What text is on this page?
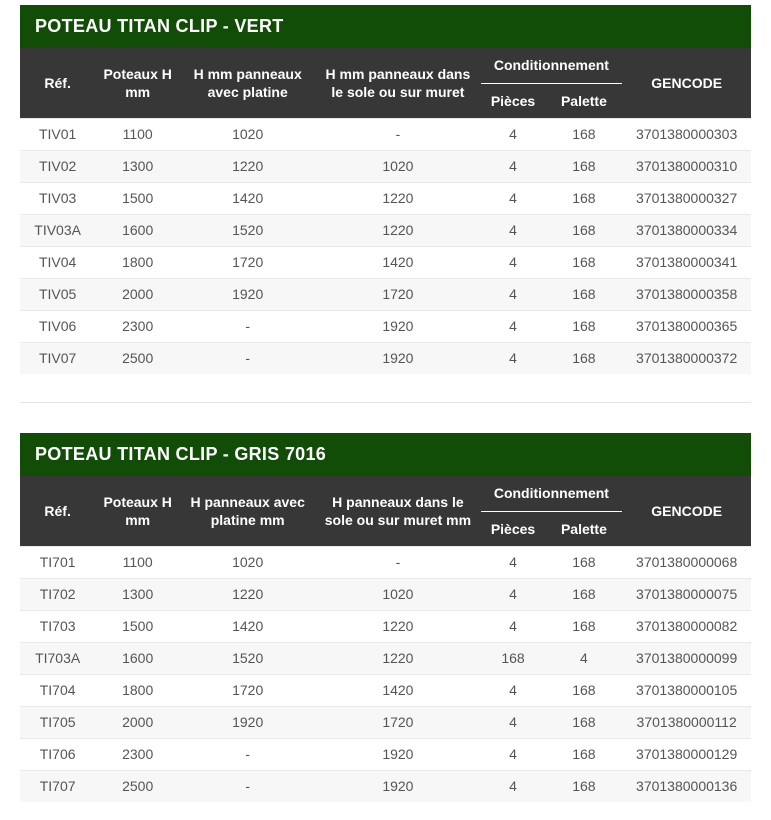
POTEAU TITAN CLIP - VERT
Réf.	Poteaux H mm	H mm panneaux avec platine	H mm panneaux dans le sole ou sur muret	Conditionnement		GENCODE
				Pièces	Palette	
TIV01	1100	1020	-	4	168	3701380000303
TIV02	1300	1220	1020	4	168	3701380000310
TIV03	1500	1420	1220	4	168	3701380000327
TIV03A	1600	1520	1220	4	168	3701380000334
TIV04	1800	1720	1420	4	168	3701380000341
TIV05	2000	1920	1720	4	168	3701380000358
TIV06	2300	-	1920	4	168	3701380000365
TIV07	2500	-	1920	4	168	3701380000372
POTEAU TITAN CLIP - GRIS 7016
Réf.	Poteaux H mm	H panneaux avec platine mm	H panneaux dans le sole ou sur muret mm	Conditionnement		GENCODE
				Pièces	Palette	
TI701	1100	1020	-	4	168	3701380000068
TI702	1300	1220	1020	4	168	3701380000075
TI703	1500	1420	1220	4	168	3701380000082
TI703A	1600	1520	1220	168	4	3701380000099
TI704	1800	1720	1420	4	168	3701380000105
TI705	2000	1920	1720	4	168	3701380000112
TI706	2300	-	1920	4	168	3701380000129
TI707	2500	-	1920	4	168	3701380000136
